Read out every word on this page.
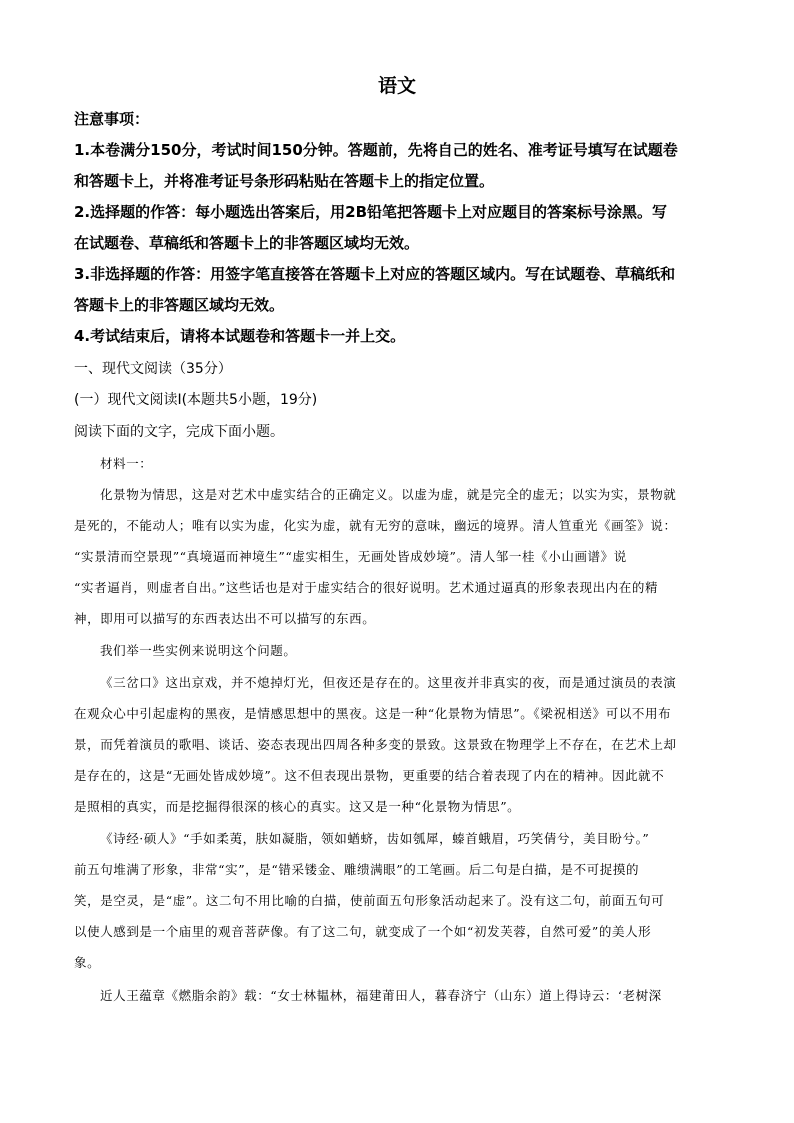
语文
注意事项：
1.本卷满分150分，考试时间150分钟。答题前，先将自己的姓名、准考证号填写在试题卷
和答题卡上，并将准考证号条形码粘贴在答题卡上的指定位置。
2.选择题的作答：每小题选出答案后，用2B铅笔把答题卡上对应题目的答案标号涂黑。写
在试题卷、草稿纸和答题卡上的非答题区域均无效。
3.非选择题的作答：用签字笔直接答在答题卡上对应的答题区域内。写在试题卷、草稿纸和
答题卡上的非答题区域均无效。
4.考试结束后，请将本试题卷和答题卡一并上交。
一、现代文阅读（35分）
(一）现代文阅读Ⅰ(本题共5小题，19分)
阅读下面的文字，完成下面小题。
材料一：
化景物为情思，这是对艺术中虚实结合的正确定义。以虚为虚，就是完全的虚无；以实为实，景物就
是死的，不能动人；唯有以实为虚，化实为虚，就有无穷的意味，幽远的境界。清人笪重光《画筌》说：
“实景清而空景现”“真境逼而神境生”“虚实相生，无画处皆成妙境”。清人邹一桂《小山画谱》说
“实者逼肖，则虚者自出。”这些话也是对于虚实结合的很好说明。艺术通过逼真的形象表现出内在的精
神，即用可以描写的东西表达出不可以描写的东西。
我们举一些实例来说明这个问题。
《三岔口》这出京戏，并不熄掉灯光，但夜还是存在的。这里夜并非真实的夜，而是通过演员的表演
在观众心中引起虚构的黑夜，是情感思想中的黑夜。这是一种“化景物为情思”。《梁祝相送》可以不用布
景，而凭着演员的歌唱、谈话、姿态表现出四周各种多变的景致。这景致在物理学上不存在，在艺术上却
是存在的，这是“无画处皆成妙境”。这不但表现出景物，更重要的结合着表现了内在的精神。因此就不
是照相的真实，而是挖掘得很深的核心的真实。这又是一种“化景物为情思”。
《诗经·硕人》“手如柔荑，肤如凝脂，领如蝤蛴，齿如瓠犀，螓首蛾眉，巧笑倩兮，美目盼兮。”
前五句堆满了形象，非常“实”，是“错采镂金、雕缋满眼”的工笔画。后二句是白描，是不可捉摸的
笑，是空灵，是“虚”。这二句不用比喻的白描，使前面五句形象活动起来了。没有这二句，前面五句可
以使人感到是一个庙里的观音菩萨像。有了这二句，就变成了一个如“初发芙蓉，自然可爱”的美人形
象。
近人王蕴章《燃脂余韵》载：“女士林韫林，福建莆田人，暮春济宁（山东）道上得诗云：‘老树深
